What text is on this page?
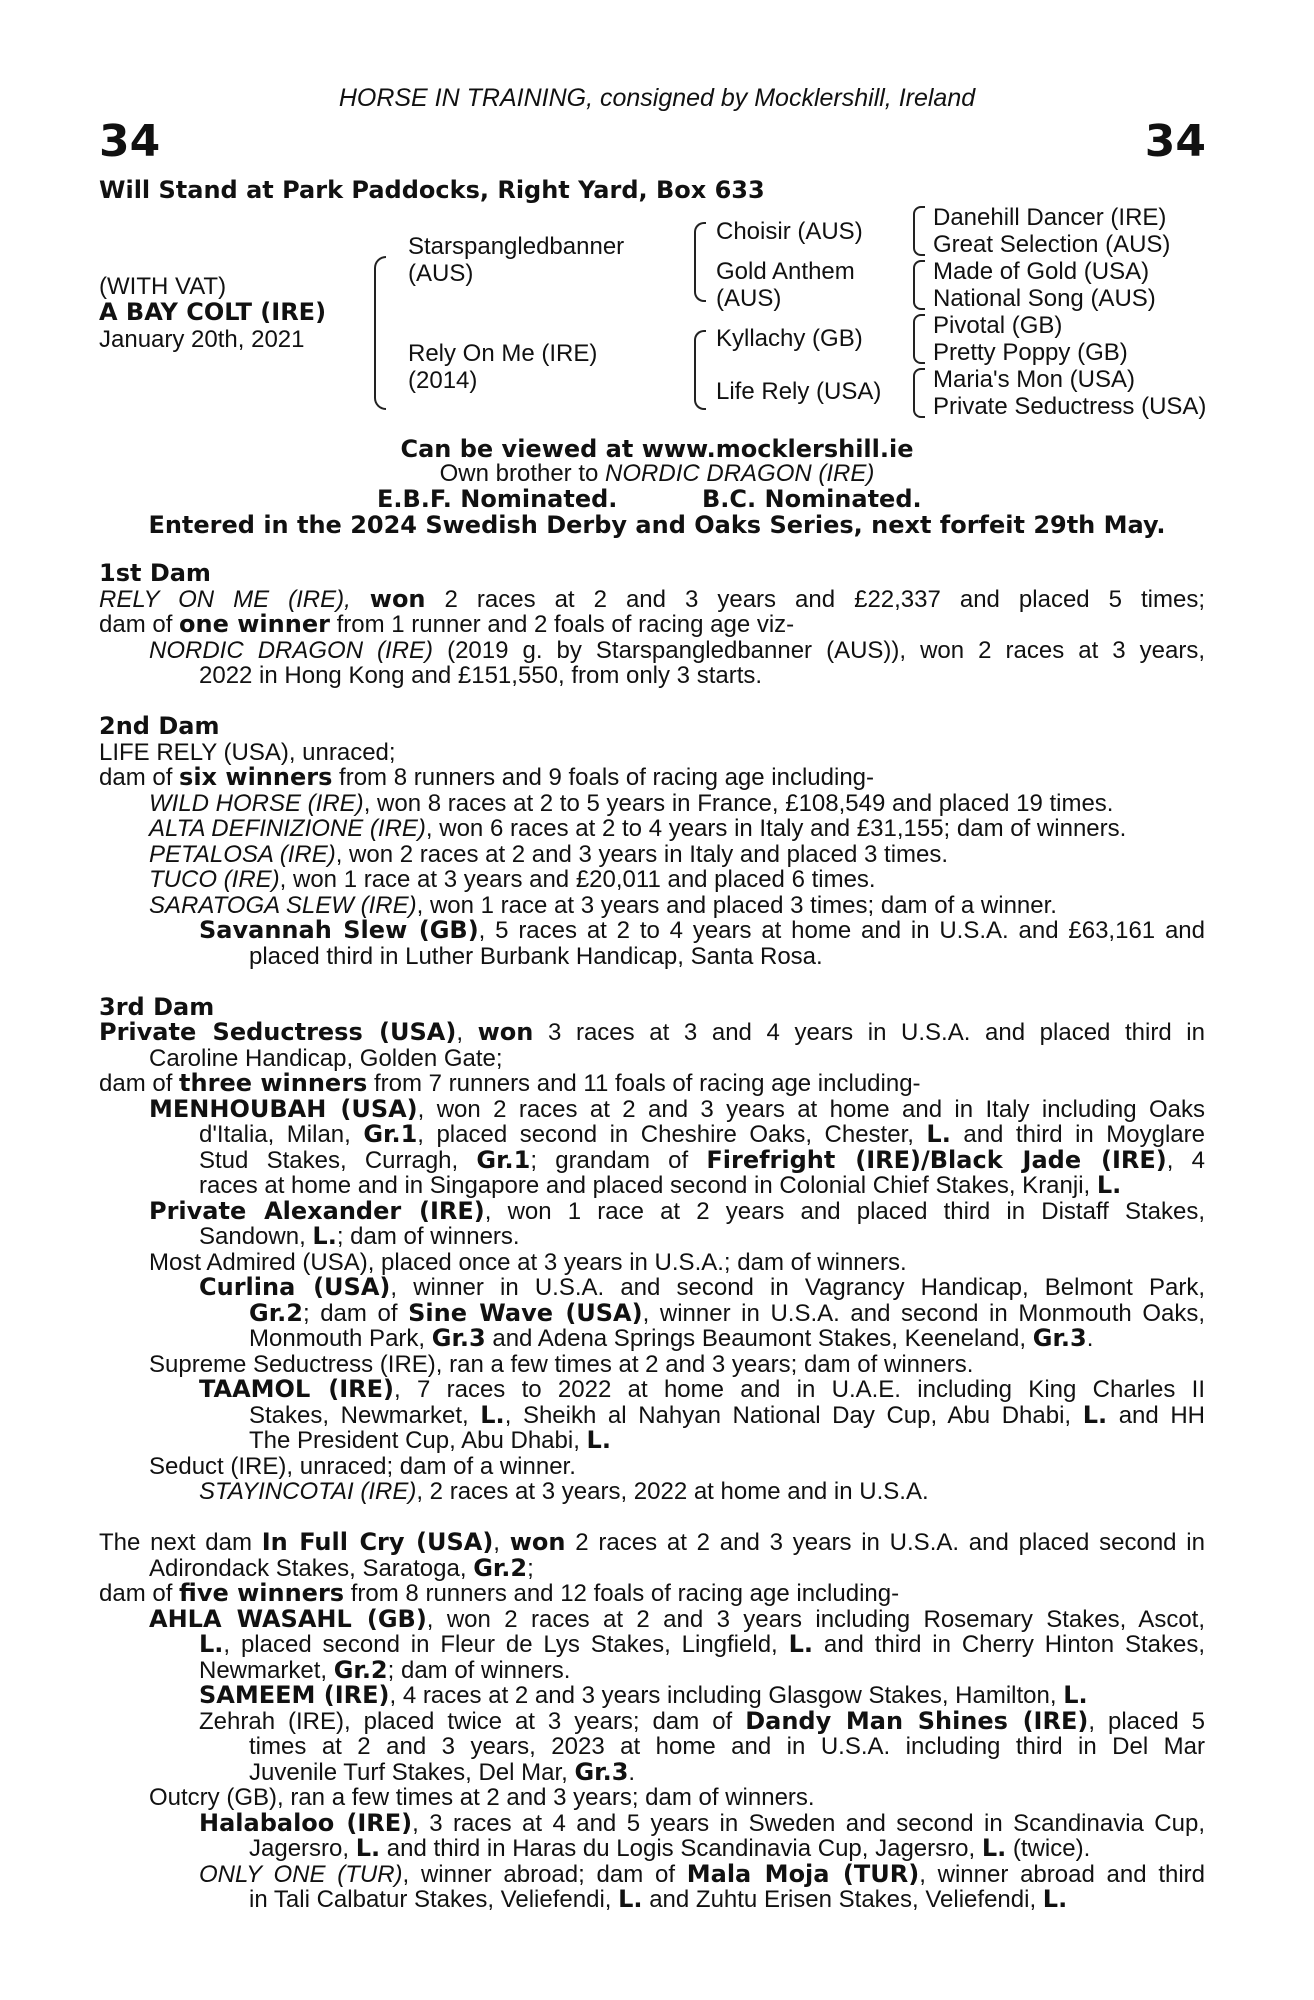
HORSE IN TRAINING, consigned by Mocklershill, Ireland
34	34
Will Stand at Park Paddocks, Right Yard, Box 633
(WITH VAT)
A BAY COLT (IRE)
January 20th, 2021
Starspangledbanner
(AUS)
Rely On Me (IRE)
(2014)
Choisir (AUS)
Gold Anthem
(AUS)
Kyllachy (GB)
Life Rely (USA)
Danehill Dancer (IRE)
Great Selection (AUS)
Made of Gold (USA)
National Song (AUS)
Pivotal (GB)
Pretty Poppy (GB)
Maria's Mon (USA)
Private Seductress (USA)
Can be viewed at www.mocklershill.ie
Own brother to NORDIC DRAGON (IRE)
E.B.F. Nominated.	B.C. Nominated.
Entered in the 2024 Swedish Derby and Oaks Series, next forfeit 29th May.
1st Dam
RELY ON ME (IRE), won 2 races at 2 and 3 years and £22,337 and placed 5 times;
dam of one winner from 1 runner and 2 foals of racing age viz-
NORDIC DRAGON (IRE) (2019 g. by Starspangledbanner (AUS)), won 2 races at 3 years,
2022 in Hong Kong and £151,550, from only 3 starts.
2nd Dam
LIFE RELY (USA), unraced;
dam of six winners from 8 runners and 9 foals of racing age including-
WILD HORSE (IRE), won 8 races at 2 to 5 years in France, £108,549 and placed 19 times.
ALTA DEFINIZIONE (IRE), won 6 races at 2 to 4 years in Italy and £31,155; dam of winners.
PETALOSA (IRE), won 2 races at 2 and 3 years in Italy and placed 3 times.
TUCO (IRE), won 1 race at 3 years and £20,011 and placed 6 times.
SARATOGA SLEW (IRE), won 1 race at 3 years and placed 3 times; dam of a winner.
Savannah Slew (GB), 5 races at 2 to 4 years at home and in U.S.A. and £63,161 and
placed third in Luther Burbank Handicap, Santa Rosa.
3rd Dam
Private Seductress (USA), won 3 races at 3 and 4 years in U.S.A. and placed third in
Caroline Handicap, Golden Gate;
dam of three winners from 7 runners and 11 foals of racing age including-
MENHOUBAH (USA), won 2 races at 2 and 3 years at home and in Italy including Oaks
d'Italia, Milan, Gr.1, placed second in Cheshire Oaks, Chester, L. and third in Moyglare
Stud Stakes, Curragh, Gr.1; grandam of Firefright (IRE)/Black Jade (IRE), 4
races at home and in Singapore and placed second in Colonial Chief Stakes, Kranji, L.
Private Alexander (IRE), won 1 race at 2 years and placed third in Distaff Stakes,
Sandown, L.; dam of winners.
Most Admired (USA), placed once at 3 years in U.S.A.; dam of winners.
Curlina (USA), winner in U.S.A. and second in Vagrancy Handicap, Belmont Park,
Gr.2; dam of Sine Wave (USA), winner in U.S.A. and second in Monmouth Oaks,
Monmouth Park, Gr.3 and Adena Springs Beaumont Stakes, Keeneland, Gr.3.
Supreme Seductress (IRE), ran a few times at 2 and 3 years; dam of winners.
TAAMOL (IRE), 7 races to 2022 at home and in U.A.E. including King Charles II
Stakes, Newmarket, L., Sheikh al Nahyan National Day Cup, Abu Dhabi, L. and HH
The President Cup, Abu Dhabi, L.
Seduct (IRE), unraced; dam of a winner.
STAYINCOTAI (IRE), 2 races at 3 years, 2022 at home and in U.S.A.
The next dam In Full Cry (USA), won 2 races at 2 and 3 years in U.S.A. and placed second in
Adirondack Stakes, Saratoga, Gr.2;
dam of five winners from 8 runners and 12 foals of racing age including-
AHLA WASAHL (GB), won 2 races at 2 and 3 years including Rosemary Stakes, Ascot,
L., placed second in Fleur de Lys Stakes, Lingfield, L. and third in Cherry Hinton Stakes,
Newmarket, Gr.2; dam of winners.
SAMEEM (IRE), 4 races at 2 and 3 years including Glasgow Stakes, Hamilton, L.
Zehrah (IRE), placed twice at 3 years; dam of Dandy Man Shines (IRE), placed 5
times at 2 and 3 years, 2023 at home and in U.S.A. including third in Del Mar
Juvenile Turf Stakes, Del Mar, Gr.3.
Outcry (GB), ran a few times at 2 and 3 years; dam of winners.
Halabaloo (IRE), 3 races at 4 and 5 years in Sweden and second in Scandinavia Cup,
Jagersro, L. and third in Haras du Logis Scandinavia Cup, Jagersro, L. (twice).
ONLY ONE (TUR), winner abroad; dam of Mala Moja (TUR), winner abroad and third
in Tali Calbatur Stakes, Veliefendi, L. and Zuhtu Erisen Stakes, Veliefendi, L.
